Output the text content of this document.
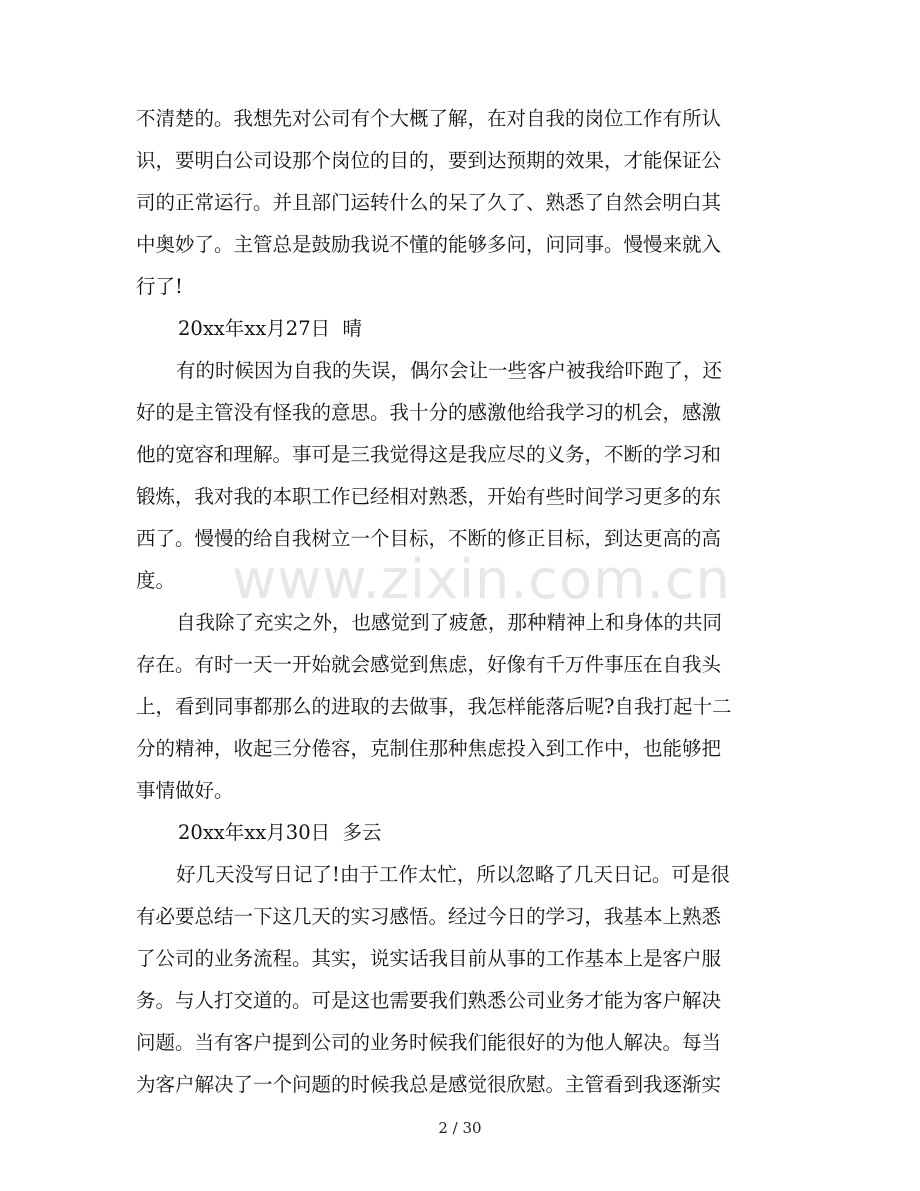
不清楚的。我想先对公司有个大概了解，在对自我的岗位工作有所认
识，要明白公司设那个岗位的目的，要到达预期的效果，才能保证公
司的正常运行。并且部门运转什么的呆了久了、熟悉了自然会明白其
中奥妙了。主管总是鼓励我说不懂的能够多问，问同事。慢慢来就入
行了!
20xx年xx月27日  晴
有的时候因为自我的失误，偶尔会让一些客户被我给吓跑了，还
好的是主管没有怪我的意思。我十分的感激他给我学习的机会，感激
他的宽容和理解。事可是三我觉得这是我应尽的义务，不断的学习和
锻炼，我对我的本职工作已经相对熟悉，开始有些时间学习更多的东
西了。慢慢的给自我树立一个目标，不断的修正目标，到达更高的高
度。
自我除了充实之外，也感觉到了疲惫，那种精神上和身体的共同
存在。有时一天一开始就会感觉到焦虑，好像有千万件事压在自我头
上，看到同事都那么的进取的去做事，我怎样能落后呢?自我打起十二
分的精神，收起三分倦容，克制住那种焦虑投入到工作中，也能够把
事情做好。
20xx年xx月30日  多云
好几天没写日记了!由于工作太忙，所以忽略了几天日记。可是很
有必要总结一下这几天的实习感悟。经过今日的学习，我基本上熟悉
了公司的业务流程。其实，说实话我目前从事的工作基本上是客户服
务。与人打交道的。可是这也需要我们熟悉公司业务才能为客户解决
问题。当有客户提到公司的业务时候我们能很好的为他人解决。每当
为客户解决了一个问题的时候我总是感觉很欣慰。主管看到我逐渐实
www.zixin.com.cn
2 / 30
